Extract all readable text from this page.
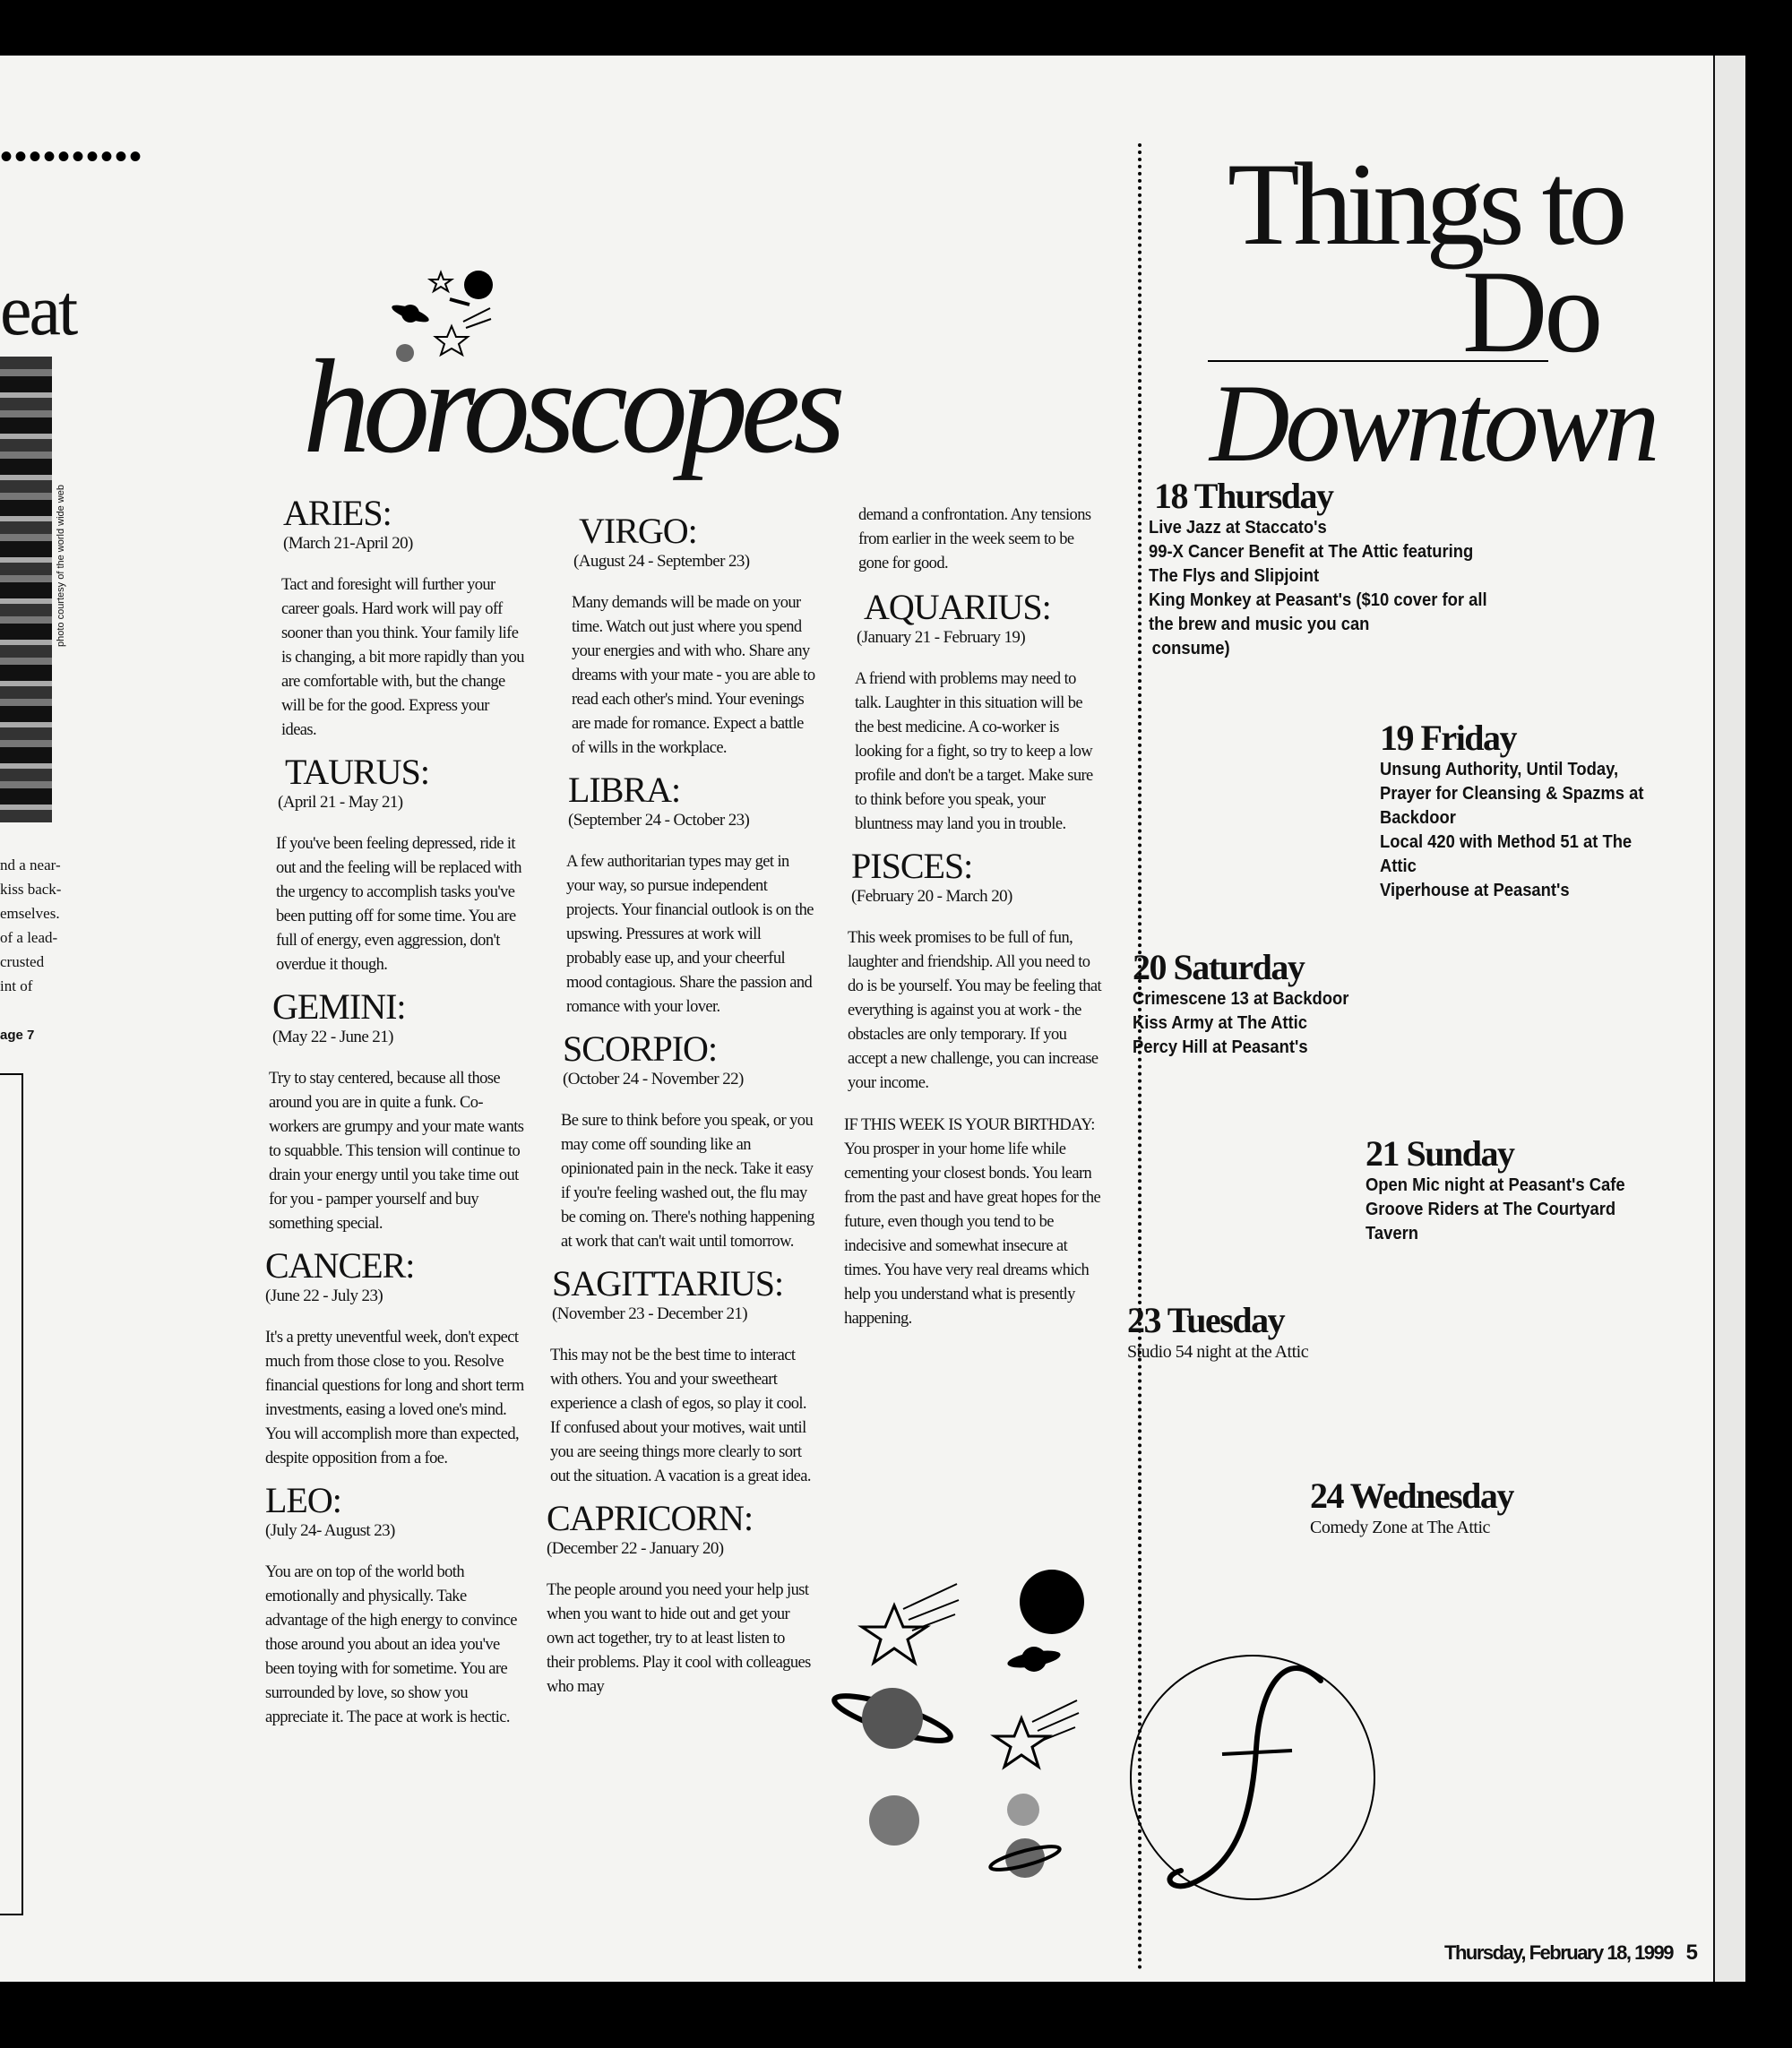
••••••••••
eat
photo courtesy of the world wide web
nd a near-
kiss back-
emselves.
of a lead-
crusted
int of

age 7
horoscopes

ARIES:

(March 21-April 20)

Tact and foresight will further your career goals. Hard work will pay off sooner than you think. Your family life is changing, a bit more rapidly than you are comfortable with, but the change will be for the good. Express your ideas.

TAURUS:

(April 21 - May 21)

If you've been feeling depressed, ride it out and the feeling will be replaced with the urgency to accomplish tasks you've been putting off for some time. You are full of energy, even aggression, don't overdue it though.

GEMINI:

(May 22 - June 21)

Try to stay centered, because all those around you are in quite a funk. Co-workers are grumpy and your mate wants to squabble. This tension will continue to drain your energy until you take time out for you - pamper yourself and buy something special.

CANCER:

(June 22 - July 23)

It's a pretty uneventful week, don't expect much from those close to you. Resolve financial questions for long and short term investments, easing a loved one's mind. You will accomplish more than expected, despite opposition from a foe.

LEO:

(July 24- August 23)

You are on top of the world both emotionally and physically. Take advantage of the high energy to convince those around you about an idea you've been toying with for sometime. You are surrounded by love, so show you appreciate it. The pace at work is hectic.

VIRGO:

(August 24 - September 23)

Many demands will be made on your time. Watch out just where you spend your energies and with who. Share any dreams with your mate - you are able to read each other's mind. Your evenings are made for romance. Expect a battle of wills in the workplace.

LIBRA:

(September 24 - October 23)

A few authoritarian types may get in your way, so pursue independent projects. Your financial outlook is on the upswing. Pressures at work will probably ease up, and your cheerful mood contagious. Share the passion and romance with your lover.

SCORPIO:

(October 24 - November 22)

Be sure to think before you speak, or you may come off sounding like an opinionated pain in the neck. Take it easy if you're feeling washed out, the flu may be coming on. There's nothing happening at work that can't wait until tomorrow.

SAGITTARIUS:

(November 23 - December 21)

This may not be the best time to interact with others. You and your sweetheart experience a clash of egos, so play it cool. If confused about your motives, wait until you are seeing things more clearly to sort out the situation. A vacation is a great idea.

CAPRICORN:

(December 22 - January 20)

The people around you need your help just when you want to hide out and get your own act together, try to at least listen to their problems. Play it cool with colleagues who may

demand a confrontation. Any tensions from earlier in the week seem to be gone for good.

AQUARIUS:

(January 21 - February 19)

A friend with problems may need to talk. Laughter in this situation will be the best medicine. A co-worker is looking for a fight, so try to keep a low profile and don't be a target. Make sure to think before you speak, your bluntness may land you in trouble.

PISCES:

(February 20 - March 20)

This week promises to be full of fun, laughter and friendship. All you need to do is be yourself. You may be feeling that everything is against you at work - the obstacles are only temporary. If you accept a new challenge, you can increase your income.

IF THIS WEEK IS YOUR BIRTHDAY:

You prosper in your home life while cementing your closest bonds. You learn from the past and have great hopes for the future, even though you tend to be indecisive and somewhat insecure at times. You have very real dreams which help you understand what is presently happening.

Things to
Do
Downtown

18 Thursday

Live Jazz at Staccato's

99-X Cancer Benefit at The Attic featuring

The Flys and Slipjoint

King Monkey at Peasant's ($10 cover for all

the brew and music you can

consume)

19 Friday

Unsung Authority, Until Today,

Prayer for Cleansing & Spazms at

Backdoor

Local 420 with Method 51 at The

Attic

Viperhouse at Peasant's

20 Saturday

Crimescene 13 at Backdoor

Kiss Army at The Attic

Percy Hill at Peasant's

21 Sunday

Open Mic night at Peasant's Cafe

Groove Riders at The Courtyard

Tavern

23 Tuesday

Studio 54 night at the Attic

24 Wednesday

Comedy Zone at The Attic

Thursday, February 18, 1999 5
